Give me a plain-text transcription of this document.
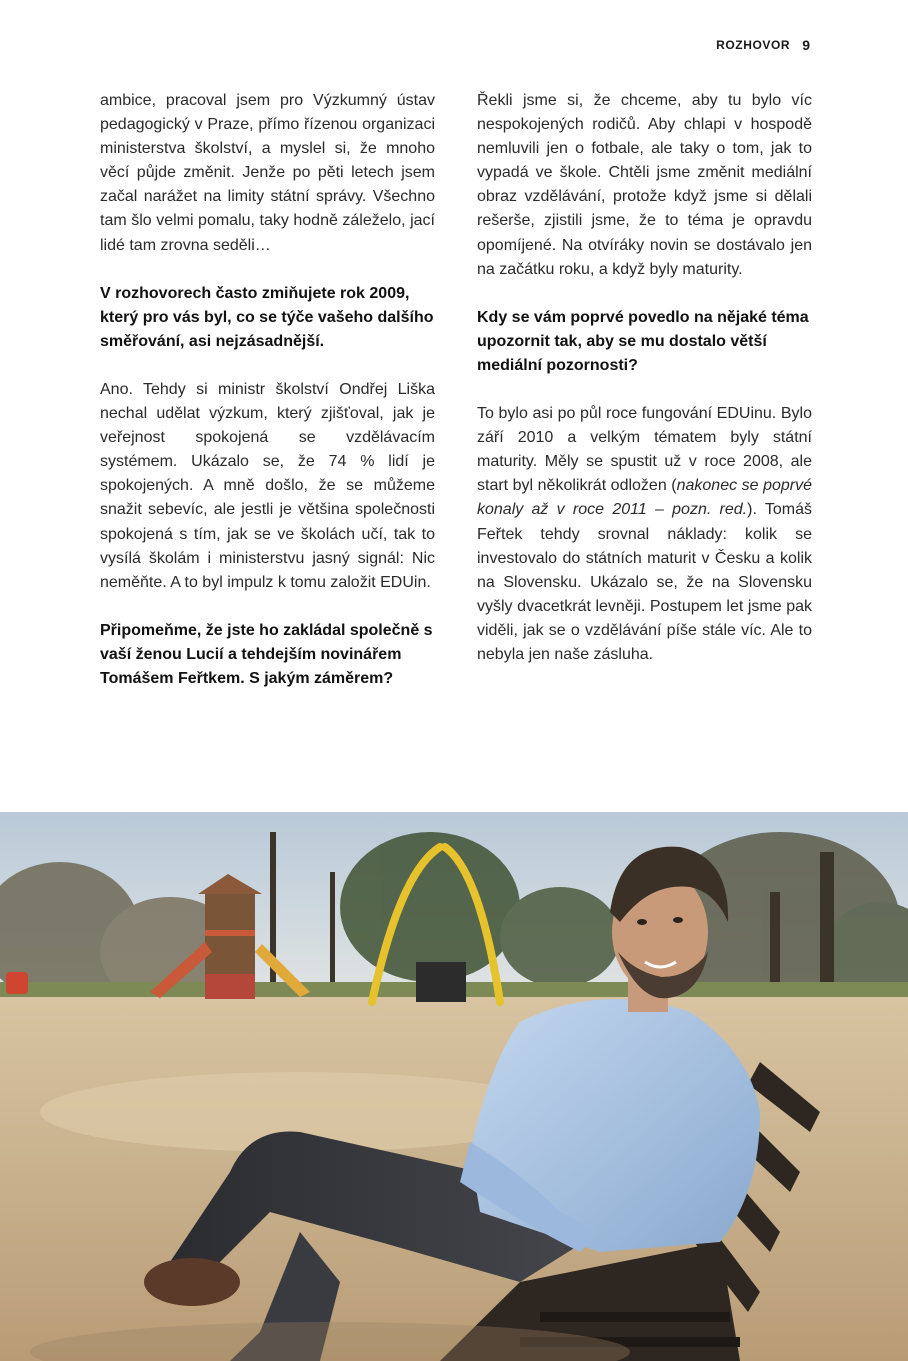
ROZHOVOR 9

ambice, pracoval jsem pro Výzkumný ústav pedagogický v Praze, přímo řízenou organizaci ministerstva školství, a myslel si, že mnoho věcí půjde změnit. Jenže po pěti letech jsem začal narážet na limity státní správy. Všechno tam šlo velmi pomalu, taky hodně záleželo, jací lidé tam zrovna seděli…

V rozhovorech často zmiňujete rok 2009, který pro vás byl, co se týče vašeho dalšího směřování, asi nejzásadnější.

Ano. Tehdy si ministr školství Ondřej Liška nechal udělat výzkum, který zjišťoval, jak je veřejnost spokojená se vzdělávacím systémem. Ukázalo se, že 74 % lidí je spokojených. A mně došlo, že se můžeme snažit sebevíc, ale jestli je většina společnosti spokojená s tím, jak se ve školách učí, tak to vysílá školám i ministerstvu jasný signál: Nic neměňte. A to byl impulz k tomu založit EDUin.

Připomeňme, že jste ho zakládal společně s vaší ženou Lucií a tehdejším novinářem Tomášem Feřtkem. S jakým záměrem?

Řekli jsme si, že chceme, aby tu bylo víc nespokojených rodičů. Aby chlapi v hospodě nemluvili jen o fotbale, ale taky o tom, jak to vypadá ve škole. Chtěli jsme změnit mediální obraz vzdělávání, protože když jsme si dělali rešerše, zjistili jsme, že to téma je opravdu opomíjené. Na otvíráky novin se dostávalo jen na začátku roku, a když byly maturity.

Kdy se vám poprvé povedlo na nějaké téma upozornit tak, aby se mu dostalo větší mediální pozornosti?

To bylo asi po půl roce fungování EDUinu. Bylo září 2010 a velkým tématem byly státní maturity. Měly se spustit už v roce 2008, ale start byl několikrát odložen (nakonec se poprvé konaly až v roce 2011 – pozn. red.). Tomáš Feřtek tehdy srovnal náklady: kolik se investovalo do státních maturit v Česku a kolik na Slovensku. Ukázalo se, že na Slovensku vyšly dvacetkrát levněji. Postupem let jsme pak viděli, jak se o vzdělávání píše stále víc. Ale to nebyla jen naše zásluha.
